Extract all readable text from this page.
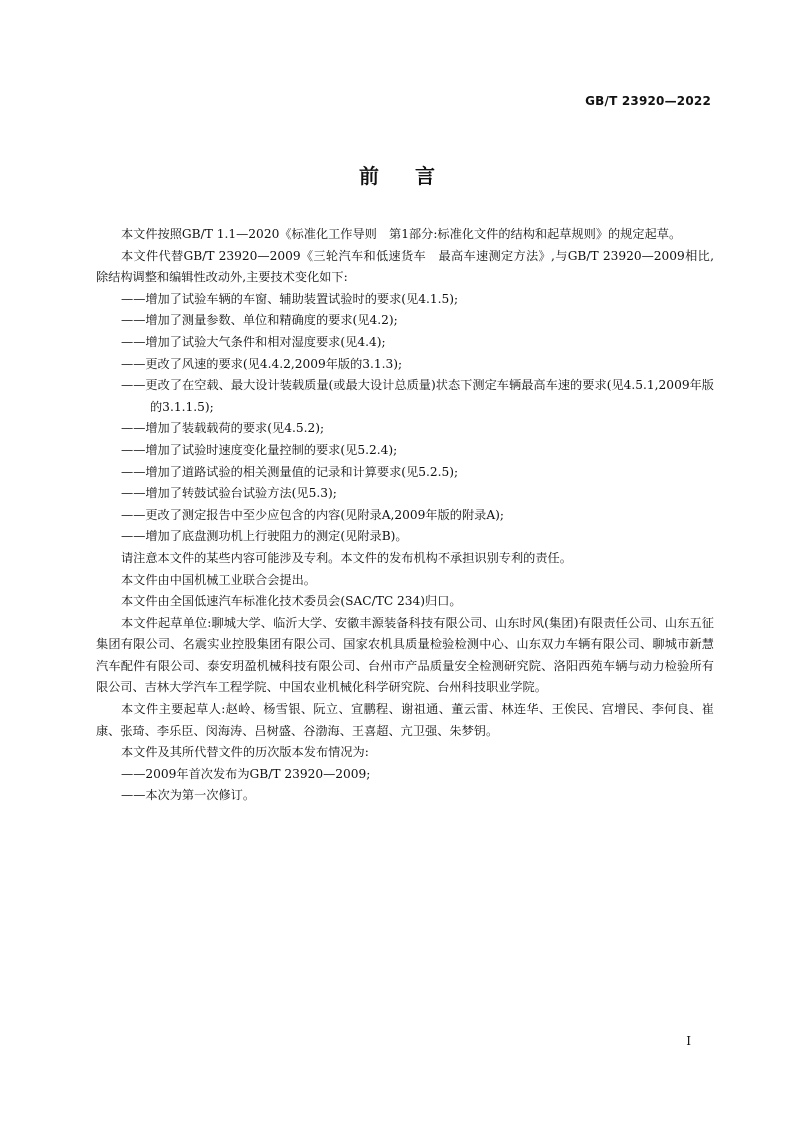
GB/T 23920—2022
前言

本文件按照GB/T 1.1—2020《标准化工作导则　第1部分:标准化文件的结构和起草规则》的规定起草。

本文件代替GB/T 23920—2009《三轮汽车和低速货车　最高车速测定方法》,与GB/T 23920—2009相比,除结构调整和编辑性改动外,主要技术变化如下:

——增加了试验车辆的车窗、辅助装置试验时的要求(见4.1.5);

——增加了测量参数、单位和精确度的要求(见4.2);

——增加了试验大气条件和相对湿度要求(见4.4);

——更改了风速的要求(见4.4.2,2009年版的3.1.3);

——更改了在空载、最大设计装载质量(或最大设计总质量)状态下测定车辆最高车速的要求(见4.5.1,2009年版的3.1.1.5);

——增加了装载载荷的要求(见4.5.2);

——增加了试验时速度变化量控制的要求(见5.2.4);

——增加了道路试验的相关测量值的记录和计算要求(见5.2.5);

——增加了转鼓试验台试验方法(见5.3);

——更改了测定报告中至少应包含的内容(见附录A,2009年版的附录A);

——增加了底盘测功机上行驶阻力的测定(见附录B)。

请注意本文件的某些内容可能涉及专利。本文件的发布机构不承担识别专利的责任。

本文件由中国机械工业联合会提出。

本文件由全国低速汽车标准化技术委员会(SAC/TC 234)归口。

本文件起草单位:聊城大学、临沂大学、安徽丰源装备科技有限公司、山东时风(集团)有限责任公司、山东五征集团有限公司、名震实业控股集团有限公司、国家农机具质量检验检测中心、山东双力车辆有限公司、聊城市新慧汽车配件有限公司、泰安玥盈机械科技有限公司、台州市产品质量安全检测研究院、洛阳西苑车辆与动力检验所有限公司、吉林大学汽车工程学院、中国农业机械化科学研究院、台州科技职业学院。

本文件主要起草人:赵岭、杨雪银、阮立、宣鹏程、谢祖通、董云雷、林连华、王俟民、宫增民、李何良、崔康、张琦、李乐臣、闵海涛、吕树盛、谷渤海、王喜超、亢卫强、朱梦钥。

本文件及其所代替文件的历次版本发布情况为:

——2009年首次发布为GB/T 23920—2009;

——本次为第一次修订。

I
